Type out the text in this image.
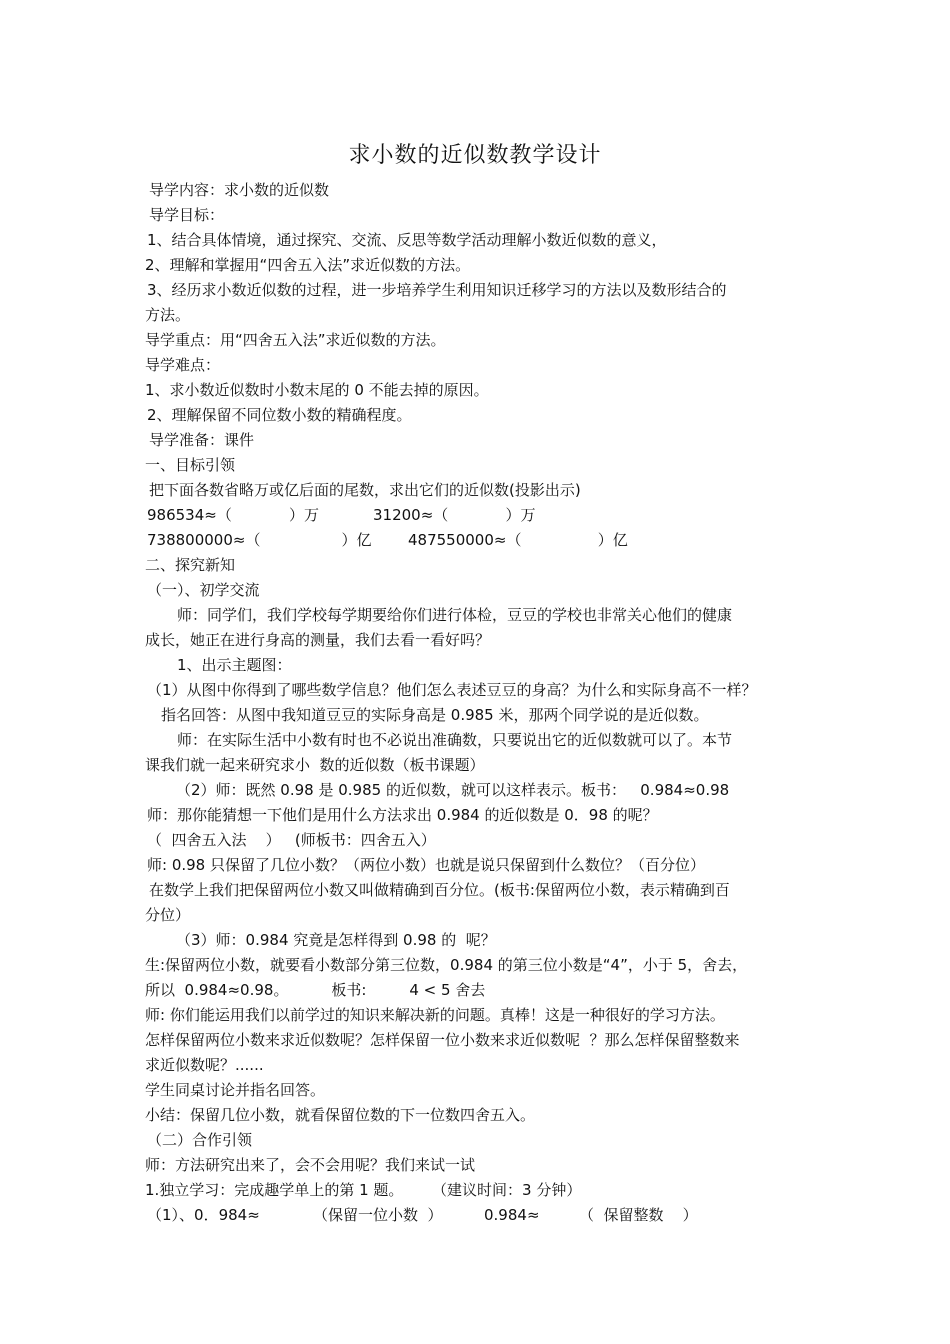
求小数的近似数教学设计
导学内容：求小数的近似数
导学目标：
1、结合具体情境，通过探究、交流、反思等数学活动理解小数近似数的意义，
2、理解和掌握用“四舍五入法”求近似数的方法。
3、经历求小数近似数的过程，进一步培养学生利用知识迁移学习的方法以及数形结合的
方法。
导学重点：用“四舍五入法”求近似数的方法。
导学难点：
1、求小数近似数时小数末尾的 0 不能去掉的原因。
2、理解保留不同位数小数的精确程度。
导学准备：课件
一、目标引领
把下面各数省略万或亿后面的尾数，求出它们的近似数(投影出示)
986534≈（            ）万	31200≈（            ）万
738800000≈（                 ）亿 487550000≈（                ）亿
二、探究新知
（一）、初学交流
师：同学们，我们学校每学期要给你们进行体检，豆豆的学校也非常关心他们的健康
成长，她正在进行身高的测量，我们去看一看好吗？
1、出示主题图：
（1）从图中你得到了哪些数学信息？他们怎么表述豆豆的身高？为什么和实际身高不一样？
指名回答：从图中我知道豆豆的实际身高是 0.985 米，那两个同学说的是近似数。
师：在实际生活中小数有时也不必说出准确数，只要说出它的近似数就可以了。本节
课我们就一起来研究求小  数的近似数（板书课题）
（2）师：既然 0.98 是 0.985 的近似数，就可以这样表示。板书：   0.984≈0.98
师：那你能猜想一下他们是用什么方法求出 0.984 的近似数是 0．98 的呢？
（  四舍五入法    ）   (师板书：四舍五入）
师: 0.98 只保留了几位小数？（两位小数）也就是说只保留到什么数位？（百分位）
在数学上我们把保留两位小数又叫做精确到百分位。(板书:保留两位小数，表示精确到百
分位）
（3）师：0.984 究竟是怎样得到 0.98 的  呢？
生:保留两位小数，就要看小数部分第三位数，0.984 的第三位小数是“4”，小于 5，舍去，
所以  0.984≈0.98。         板书:         4 < 5 舍去
师: 你们能运用我们以前学过的知识来解决新的问题。真棒！这是一种很好的学习方法。
怎样保留两位小数来求近似数呢？怎样保留一位小数来求近似数呢  ？那么怎样保留整数来
求近似数呢？......
学生同桌讨论并指名回答。
小结：保留几位小数，就看保留位数的下一位数四舍五入。
（二）合作引领
师：方法研究出来了，会不会用呢？我们来试一试
1.独立学习：完成趣学单上的第 1 题。      （建议时间：3 分钟）
（1）、0．984≈	（保留一位小数  ）	0.984≈	（  保留整数    ）
